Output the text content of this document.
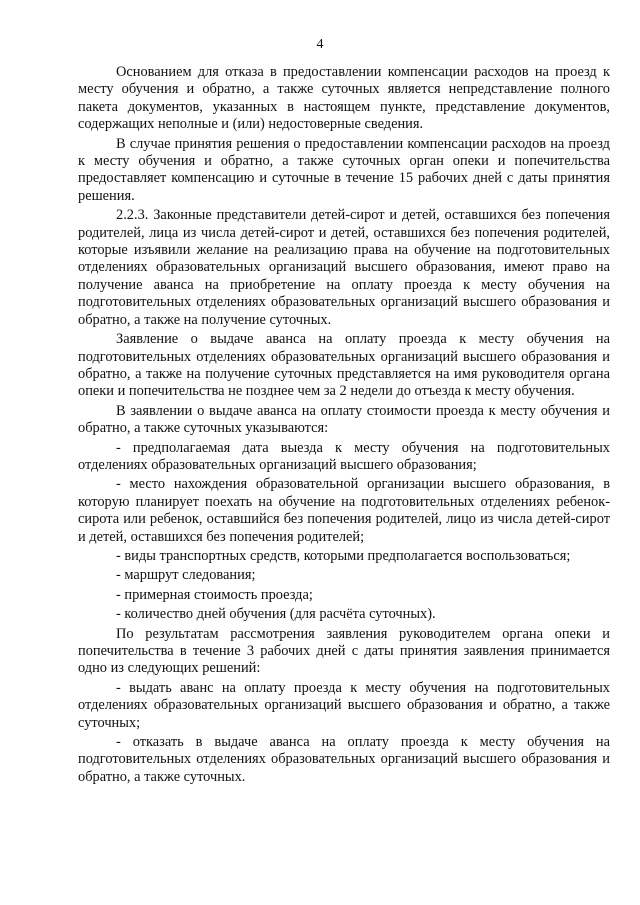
4

Основанием для отказа в предоставлении компенсации расходов на проезд к месту обучения и обратно, а также суточных является непредставление полного пакета документов, указанных в настоящем пункте, представление документов, содержащих неполные и (или) недостоверные сведения.

В случае принятия решения о предоставлении компенсации расходов на проезд к месту обучения и обратно, а также суточных орган опеки и попечительства предоставляет компенсацию и суточные в течение 15 рабочих дней с даты принятия решения.

2.2.3. Законные представители детей-сирот и детей, оставшихся без попечения родителей, лица из числа детей-сирот и детей, оставшихся без попечения родителей, которые изъявили желание на реализацию права на обучение на подготовительных отделениях образовательных организаций высшего образования, имеют право на получение аванса на приобретение на оплату проезда к месту обучения на подготовительных отделениях образовательных организаций высшего образования и обратно, а также на получение суточных.

Заявление о выдаче аванса на оплату проезда к месту обучения на подготовительных отделениях образовательных организаций высшего образования и обратно, а также на получение суточных представляется на имя руководителя органа опеки и попечительства не позднее чем за 2 недели до отъезда к месту обучения.

В заявлении о выдаче аванса на оплату стоимости проезда к месту обучения и обратно, а также суточных указываются:

- предполагаемая дата выезда к месту обучения на подготовительных отделениях образовательных организаций высшего образования;

- место нахождения образовательной организации высшего образования, в которую планирует поехать на обучение на подготовительных отделениях ребенок-сирота или ребенок, оставшийся без попечения родителей, лицо из числа детей-сирот и детей, оставшихся без попечения родителей;

- виды транспортных средств, которыми предполагается воспользоваться;

- маршрут следования;

- примерная стоимость проезда;

- количество дней обучения (для расчёта суточных).

По результатам рассмотрения заявления руководителем органа опеки и попечительства в течение 3 рабочих дней с даты принятия заявления принимается одно из следующих решений:

- выдать аванс на оплату проезда к месту обучения на подготовительных отделениях образовательных организаций высшего образования и обратно, а также суточных;

- отказать в выдаче аванса на оплату проезда к месту обучения на подготовительных отделениях образовательных организаций высшего образования и обратно, а также суточных.
